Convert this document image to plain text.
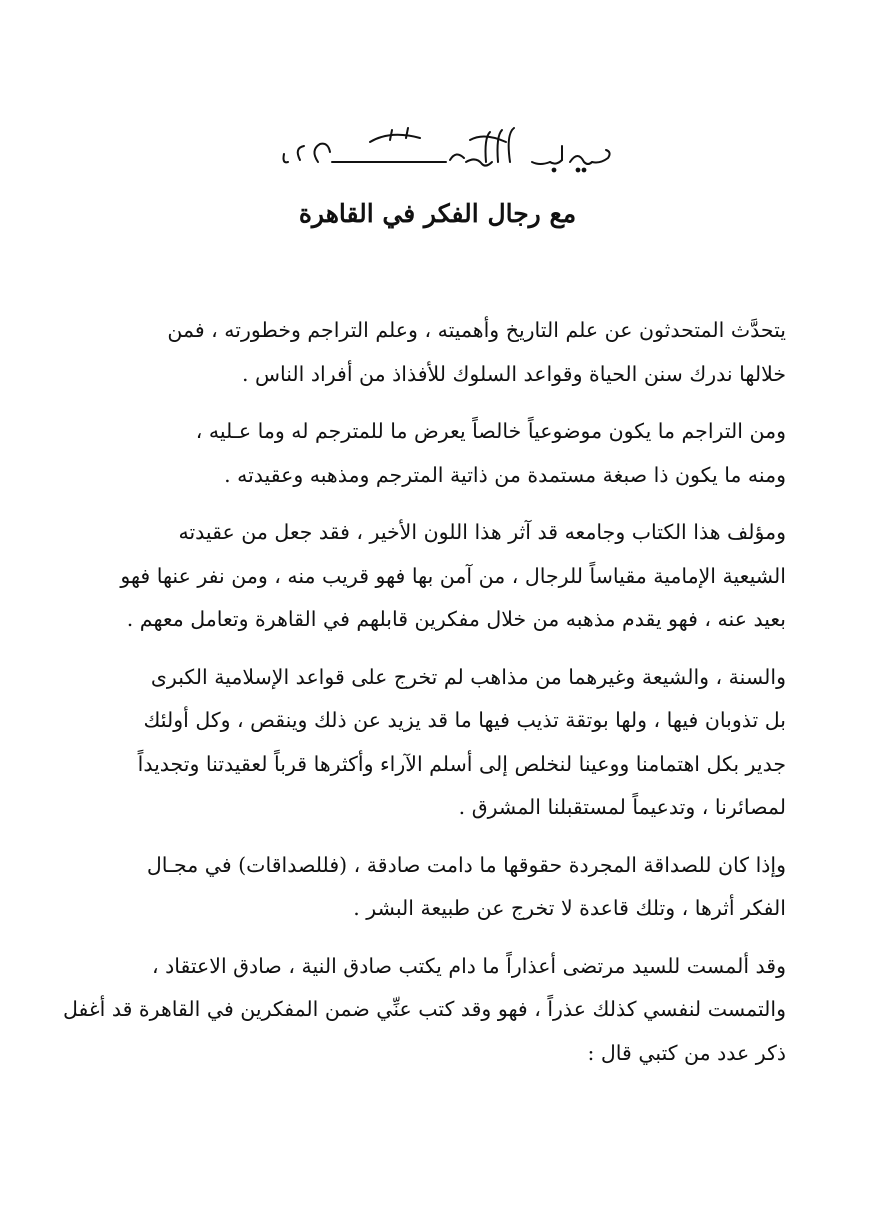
مع رجال الفكر في القاهرة

يتحدَّث المتحدثون عن علم التاريخ وأهميته ، وعلم التراجم وخطورته ، فمن
خلالها ندرك سنن الحياة وقواعد السلوك للأفذاذ من أفراد الناس .

ومن التراجم ما يكون موضوعياً خالصاً يعرض ما للمترجم له وما عـليه ،
ومنه ما يكون ذا صبغة مستمدة من ذاتية المترجم ومذهبه وعقيدته .

ومؤلف هذا الكتاب وجامعه قد آثر هذا اللون الأخير ، فقد جعل من عقيدته
الشيعية الإمامية مقياساً للرجال ، من آمن بها فهو قريب منه ، ومن نفر عنها فهو
بعيد عنه ، فهو يقدم مذهبه من خلال مفكرين قابلهم في القاهرة وتعامل معهم .

والسنة ، والشيعة وغيرهما من مذاهب لم تخرج على قواعد الإسلامية الكبرى
بل تذوبان فيها ، ولها بوتقة تذيب فيها ما قد يزيد عن ذلك وينقص ، وكل أولئك
جدير بكل اهتمامنا ووعينا لنخلص إلى أسلم الآراء وأكثرها قرباً لعقيدتنا وتجديداً
لمصائرنا ، وتدعيماً لمستقبلنا المشرق .

وإذا كان للصداقة المجردة حقوقها ما دامت صادقة ، (فللصداقات) في مجـال
الفكر أثرها ، وتلك قاعدة لا تخرج عن طبيعة البشر .

وقد ألمست للسيد مرتضى أعذاراً ما دام يكتب صادق النية ، صادق الاعتقاد ،
والتمست لنفسي كذلك عذراً ، فهو وقد كتب عنِّي ضمن المفكرين في القاهرة قد أغفل
ذكر عدد من كتبي قال :
